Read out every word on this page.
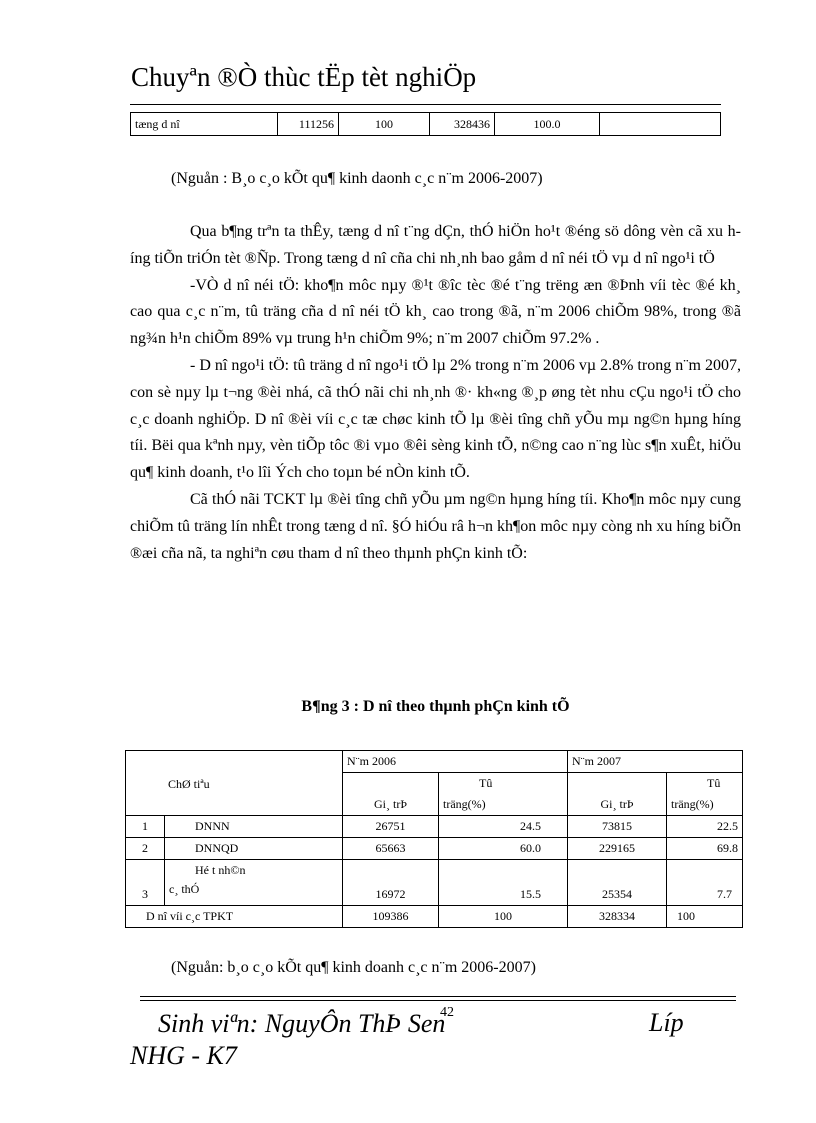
Chuyªn ®Ò thùc tËp tèt nghiÖp
tæng d nî	111256	100	328436	100.0	
(Nguån : B¸o c¸o kÕt qu¶ kinh daonh c¸c n¨m 2006-2007)

Qua b¶ng trªn ta thÊy, tæng d nî t¨ng dÇn, thÓ hiÖn ho¹t ®éng sö dông vèn cã xu híng tiÕn triÓn tèt ®Ñp. Trong tæng d nî cña chi nh¸nh bao gåm d nî néi tÖ vµ d nî ngo¹i tÖ

-VÒ d nî néi tÖ: kho¶n môc nµy ®¹t ®îc tèc ®é t¨ng trëng æn ®Þnh víi tèc ®é kh¸ cao qua c¸c n¨m, tû träng cña d nî néi tÖ kh¸ cao trong ®ã, n¨m 2006 chiÕm 98%, trong ®ã ng¾n h¹n chiÕm 89% vµ trung h¹n chiÕm 9%; n¨m 2007 chiÕm 97.2% .

- D nî ngo¹i tÖ: tû träng d nî ngo¹i tÖ lµ 2% trong n¨m 2006 vµ 2.8% trong n¨m 2007, con sè nµy lµ t¬ng ®èi nhá, cã thÓ nãi chi nh¸nh ®· kh«ng ®¸p øng tèt nhu cÇu ngo¹i tÖ cho c¸c doanh nghiÖp. D nî ®èi víi c¸c tæ chøc kinh tÕ lµ ®èi tîng chñ yÕu mµ ng©n hµng híng tíi. Bëi qua kªnh nµy, vèn tiÕp tôc ®i vµo ®êi sèng kinh tÕ, n©ng cao n¨ng lùc s¶n xuÊt, hiÖu qu¶ kinh doanh, t¹o lîi Ých cho toµn bé nÒn kinh tÕ.

Cã thÓ nãi TCKT lµ ®èi tîng chñ yÕu µm ng©n hµng híng tíi. Kho¶n môc nµy cung chiÕm tû träng lín nhÊt trong tæng d nî. §Ó hiÓu râ h¬n kh¶on môc nµy còng nh xu híng biÕn ®æi cña nã, ta nghiªn cøu tham d nî theo thµnh phÇn kinh tÕ:

B¶ng 3 : D nî theo thµnh phÇn kinh tÕ
ChØ tiªu		N¨m 2006		N¨m 2007	
		Gi¸ trÞ	Tû	Gi¸ trÞ	Tû
			träng(%)		träng(%)
1	DNNN	26751	24.5	73815	22.5
2	DNNQD	65663	60.0	229165	69.8
3	Hé t nh©n
c¸ thÓ	16972	15.5	25354	7.7
D nî víi c¸c TPKT		109386	100	328334	100
(Nguån: b¸o c¸o kÕt qu¶ kinh doanh c¸c n¨m 2006-2007)
Sinh viªn: NguyÔn ThÞ Sen
NHG - K7
Líp
42
